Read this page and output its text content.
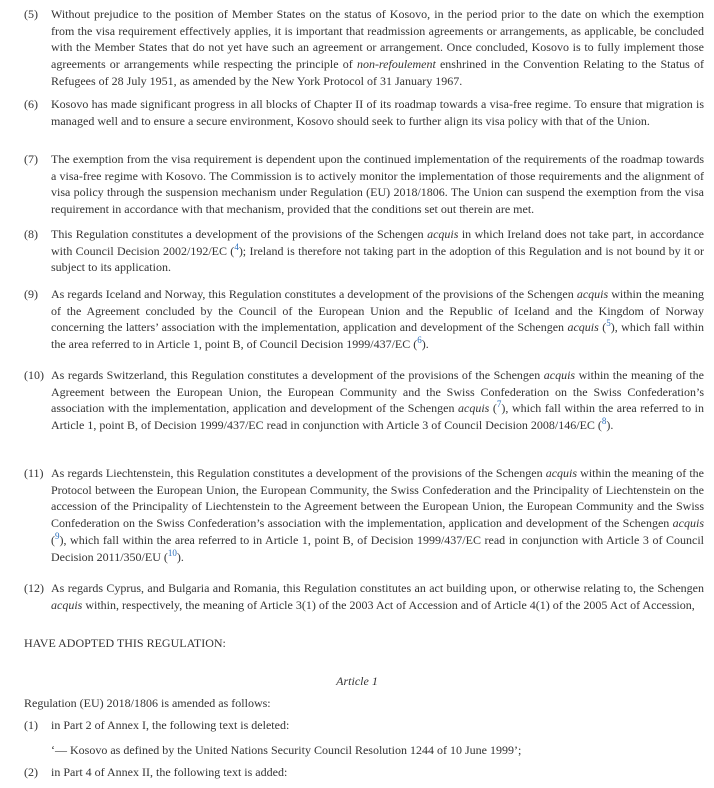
(5) Without prejudice to the position of Member States on the status of Kosovo, in the period prior to the date on which the exemption from the visa requirement effectively applies, it is important that readmission agreements or arrangements, as applicable, be concluded with the Member States that do not yet have such an agreement or arrangement. Once concluded, Kosovo is to fully implement those agreements or arrangements while respecting the principle of non-refoulement enshrined in the Convention Relating to the Status of Refugees of 28 July 1951, as amended by the New York Protocol of 31 January 1967.
(6) Kosovo has made significant progress in all blocks of Chapter II of its roadmap towards a visa-free regime. To ensure that migration is managed well and to ensure a secure environment, Kosovo should seek to further align its visa policy with that of the Union.
(7) The exemption from the visa requirement is dependent upon the continued implementation of the requirements of the roadmap towards a visa-free regime with Kosovo. The Commission is to actively monitor the implementation of those requirements and the alignment of visa policy through the suspension mechanism under Regulation (EU) 2018/1806. The Union can suspend the exemption from the visa requirement in accordance with that mechanism, provided that the conditions set out therein are met.
(8) This Regulation constitutes a development of the provisions of the Schengen acquis in which Ireland does not take part, in accordance with Council Decision 2002/192/EC ($^4$); Ireland is therefore not taking part in the adoption of this Regulation and is not bound by it or subject to its application.
(9) As regards Iceland and Norway, this Regulation constitutes a development of the provisions of the Schengen acquis within the meaning of the Agreement concluded by the Council of the European Union and the Republic of Iceland and the Kingdom of Norway concerning the latters’ association with the implementation, application and development of the Schengen acquis ($^5$), which fall within the area referred to in Article 1, point B, of Council Decision 1999/437/EC ($^6$).
(10) As regards Switzerland, this Regulation constitutes a development of the provisions of the Schengen acquis within the meaning of the Agreement between the European Union, the European Community and the Swiss Confederation on the Swiss Confederation’s association with the implementation, application and development of the Schengen acquis ($^7$), which fall within the area referred to in Article 1, point B, of Decision 1999/437/EC read in conjunction with Article 3 of Council Decision 2008/146/EC ($^8$).
(11) As regards Liechtenstein, this Regulation constitutes a development of the provisions of the Schengen acquis within the meaning of the Protocol between the European Union, the European Community, the Swiss Confederation and the Principality of Liechtenstein on the accession of the Principality of Liechtenstein to the Agreement between the European Union, the European Community and the Swiss Confederation on the Swiss Confederation’s association with the implementation, application and development of the Schengen acquis ($^9$), which fall within the area referred to in Article 1, point B, of Decision 1999/437/EC read in conjunction with Article 3 of Council Decision 2011/350/EU ($^{10}$).
(12) As regards Cyprus, and Bulgaria and Romania, this Regulation constitutes an act building upon, or otherwise relating to, the Schengen acquis within, respectively, the meaning of Article 3(1) of the 2003 Act of Accession and of Article 4(1) of the 2005 Act of Accession,
HAVE ADOPTED THIS REGULATION:
Article 1
Regulation (EU) 2018/1806 is amended as follows:
(1) in Part 2 of Annex I, the following text is deleted:
‘— Kosovo as defined by the United Nations Security Council Resolution 1244 of 10 June 1999’;
(2) in Part 4 of Annex II, the following text is added:
